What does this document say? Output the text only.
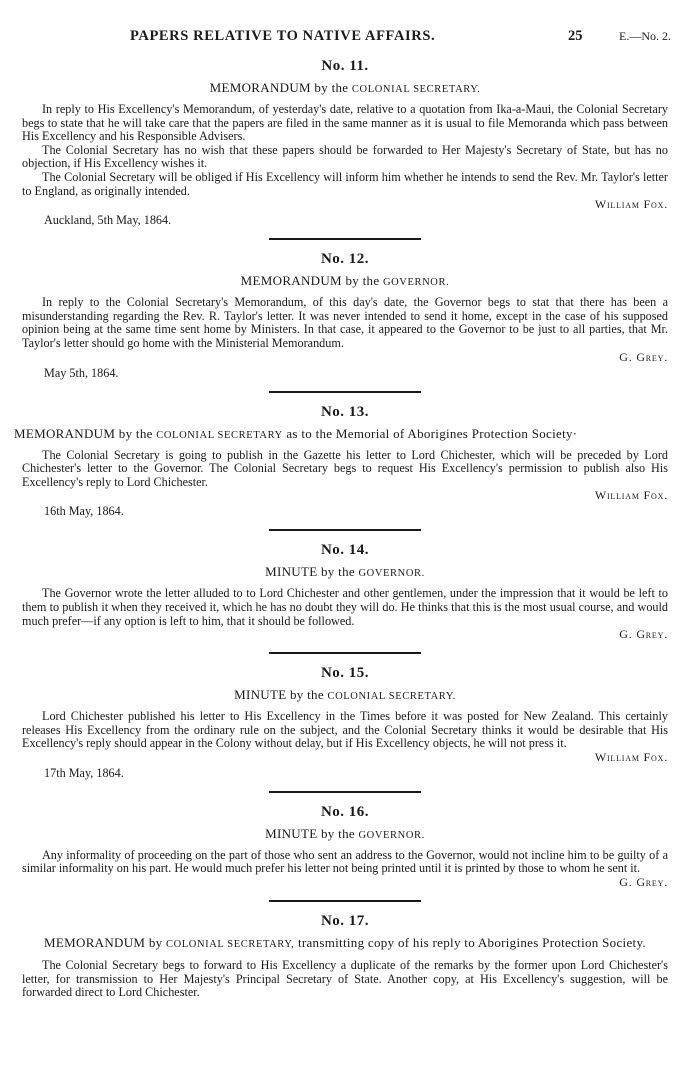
PAPERS RELATIVE TO NATIVE AFFAIRS.	25	E.—No. 2.
No. 11.
MEMORANDUM by the COLONIAL SECRETARY.

In reply to His Excellency's Memorandum, of yesterday's date, relative to a quotation from Ika-a-Maui, the Colonial Secretary begs to state that he will take care that the papers are filed in the same manner as it is usual to file Memoranda which pass between His Excellency and his Responsible Advisers.

The Colonial Secretary has no wish that these papers should be forwarded to Her Majesty's Secretary of State, but has no objection, if His Excellency wishes it.

The Colonial Secretary will be obliged if His Excellency will inform him whether he intends to send the Rev. Mr. Taylor's letter to England, as originally intended.

William Fox.
Auckland, 5th May, 1864.
No. 12.
MEMORANDUM by the GOVERNOR.

In reply to the Colonial Secretary's Memorandum, of this day's date, the Governor begs to stat that there has been a misunderstanding regarding the Rev. R. Taylor's letter. It was never intended to send it home, except in the case of his supposed opinion being at the same time sent home by Ministers. In that case, it appeared to the Governor to be just to all parties, that Mr. Taylor's letter should go home with the Ministerial Memorandum.

G. Grey.
May 5th, 1864.
No. 13.
MEMORANDUM by the COLONIAL SECRETARY as to the Memorial of Aborigines Protection Society·

The Colonial Secretary is going to publish in the Gazette his letter to Lord Chichester, which will be preceded by Lord Chichester's letter to the Governor. The Colonial Secretary begs to request His Excellency's permission to publish also His Excellency's reply to Lord Chichester.

William Fox.
16th May, 1864.
No. 14.
MINUTE by the GOVERNOR.

The Governor wrote the letter alluded to to Lord Chichester and other gentlemen, under the impression that it would be left to them to publish it when they received it, which he has no doubt they will do. He thinks that this is the most usual course, and would much prefer—if any option is left to him, that it should be followed.

G. Grey.
No. 15.
MINUTE by the COLONIAL SECRETARY.

Lord Chichester published his letter to His Excellency in the Times before it was posted for New Zealand. This certainly releases His Excellency from the ordinary rule on the subject, and the Colonial Secretary thinks it would be desirable that His Excellency's reply should appear in the Colony without delay, but if His Excellency objects, he will not press it.

William Fox.
17th May, 1864.
No. 16.
MINUTE by the GOVERNOR.

Any informality of proceeding on the part of those who sent an address to the Governor, would not incline him to be guilty of a similar informality on his part. He would much prefer his letter not being printed until it is printed by those to whom he sent it.

G. Grey.
No. 17.
MEMORANDUM by COLONIAL SECRETARY, transmitting copy of his reply to Aborigines Protection Society.

The Colonial Secretary begs to forward to His Excellency a duplicate of the remarks by the former upon Lord Chichester's letter, for transmission to Her Majesty's Principal Secretary of State. Another copy, at His Excellency's suggestion, will be forwarded direct to Lord Chichester.
